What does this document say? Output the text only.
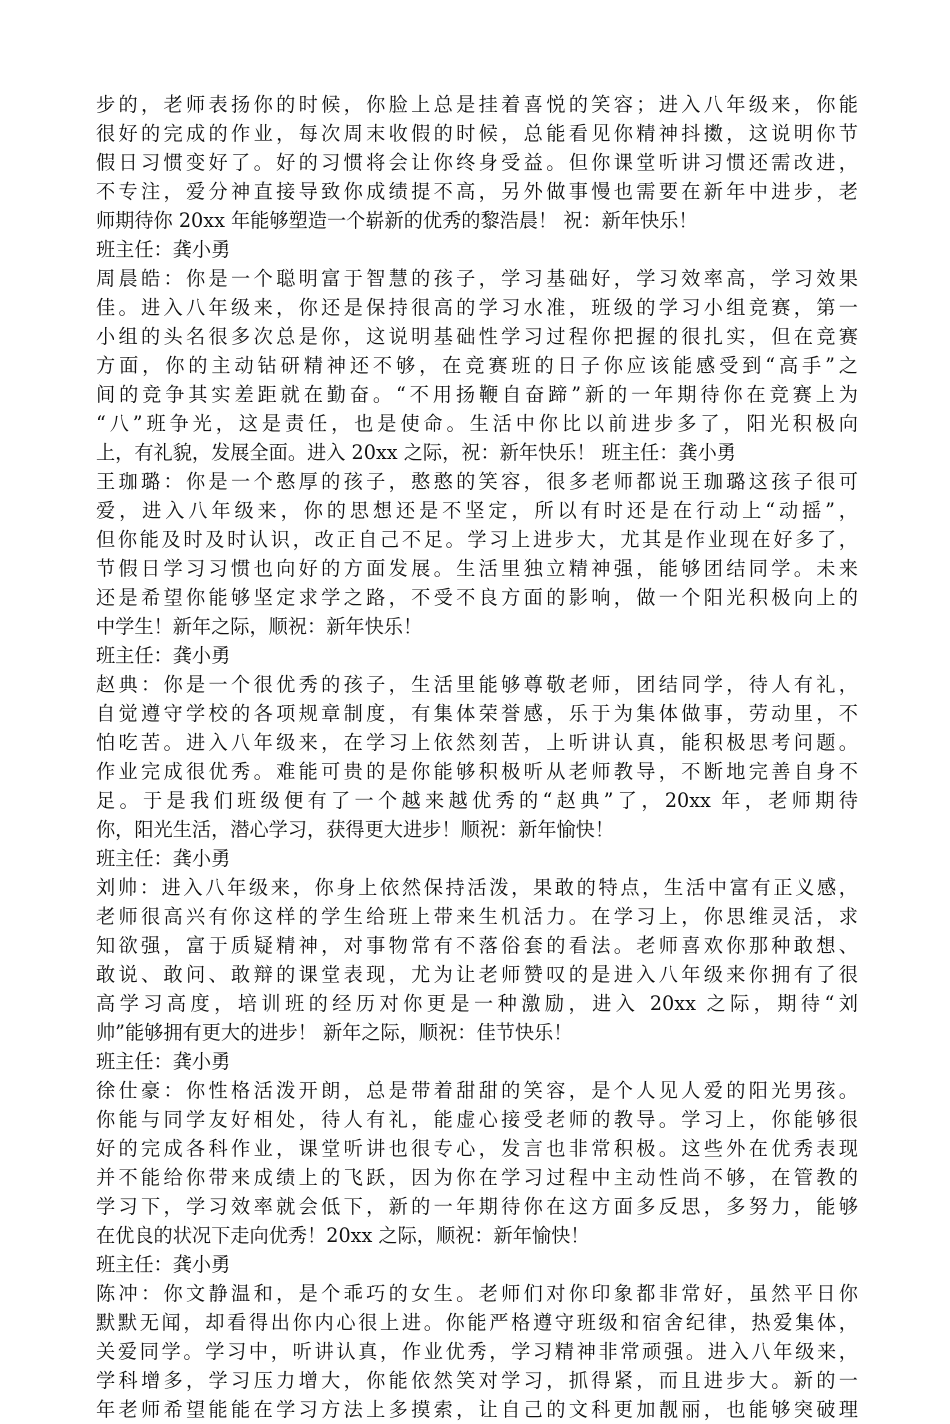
步的，老师表扬你的时候，你脸上总是挂着喜悦的笑容；进入八年级来，你能
很好的完成的作业，每次周末收假的时候，总能看见你精神抖擞，这说明你节
假日习惯变好了。好的习惯将会让你终身受益。但你课堂听讲习惯还需改进，
不专注，爱分神直接导致你成绩提不高，另外做事慢也需要在新年中进步，老
师期待你 20xx 年能够塑造一个崭新的优秀的黎浩晨！ 祝：新年快乐！
班主任：龚小勇
周晨皓：你是一个聪明富于智慧的孩子，学习基础好，学习效率高，学习效果
佳。进入八年级来，你还是保持很高的学习水准，班级的学习小组竞赛，第一
小组的头名很多次总是你，这说明基础性学习过程你把握的很扎实，但在竞赛
方面，你的主动钻研精神还不够，在竞赛班的日子你应该能感受到“高手”之
间的竞争其实差距就在勤奋。“不用扬鞭自奋蹄”新的一年期待你在竞赛上为
“八”班争光，这是责任，也是使命。生活中你比以前进步多了，阳光积极向
上，有礼貌，发展全面。进入 20xx 之际，祝：新年快乐！ 班主任：龚小勇
王珈璐：你是一个憨厚的孩子，憨憨的笑容，很多老师都说王珈璐这孩子很可
爱，进入八年级来，你的思想还是不坚定，所以有时还是在行动上“动摇”，
但你能及时及时认识，改正自己不足。学习上进步大，尤其是作业现在好多了，
节假日学习习惯也向好的方面发展。生活里独立精神强，能够团结同学。未来
还是希望你能够坚定求学之路，不受不良方面的影响，做一个阳光积极向上的
中学生！新年之际，顺祝：新年快乐！
班主任：龚小勇
赵典：你是一个很优秀的孩子，生活里能够尊敬老师，团结同学，待人有礼，
自觉遵守学校的各项规章制度，有集体荣誉感，乐于为集体做事，劳动里，不
怕吃苦。进入八年级来，在学习上依然刻苦，上听讲认真，能积极思考问题。
作业完成很优秀。难能可贵的是你能够积极听从老师教导，不断地完善自身不
足。于是我们班级便有了一个越来越优秀的“赵典”了，20xx 年，老师期待
你，阳光生活，潜心学习，获得更大进步！顺祝：新年愉快！
班主任：龚小勇
刘帅：进入八年级来，你身上依然保持活泼，果敢的特点，生活中富有正义感，
老师很高兴有你这样的学生给班上带来生机活力。在学习上，你思维灵活，求
知欲强，富于质疑精神，对事物常有不落俗套的看法。老师喜欢你那种敢想、
敢说、敢问、敢辩的课堂表现，尤为让老师赞叹的是进入八年级来你拥有了很
高学习高度，培训班的经历对你更是一种激励，进入 20xx 之际，期待“刘
帅”能够拥有更大的进步！ 新年之际，顺祝：佳节快乐！
班主任：龚小勇
徐仕豪：你性格活泼开朗，总是带着甜甜的笑容，是个人见人爱的阳光男孩。
你能与同学友好相处，待人有礼，能虚心接受老师的教导。学习上，你能够很
好的完成各科作业，课堂听讲也很专心，发言也非常积极。这些外在优秀表现
并不能给你带来成绩上的飞跃，因为你在学习过程中主动性尚不够，在管教的
学习下，学习效率就会低下，新的一年期待你在这方面多反思，多努力，能够
在优良的状况下走向优秀！20xx 之际，顺祝：新年愉快！
班主任：龚小勇
陈冲：你文静温和，是个乖巧的女生。老师们对你印象都非常好，虽然平日你
默默无闻，却看得出你内心很上进。你能严格遵守班级和宿舍纪律，热爱集体，
关爱同学。学习中，听讲认真，作业优秀，学习精神非常顽强。进入八年级来，
学科增多，学习压力增大，你能依然笑对学习，抓得紧，而且进步大。新的一
年老师希望能能在学习方法上多摸索，让自己的文科更加靓丽，也能够突破理
